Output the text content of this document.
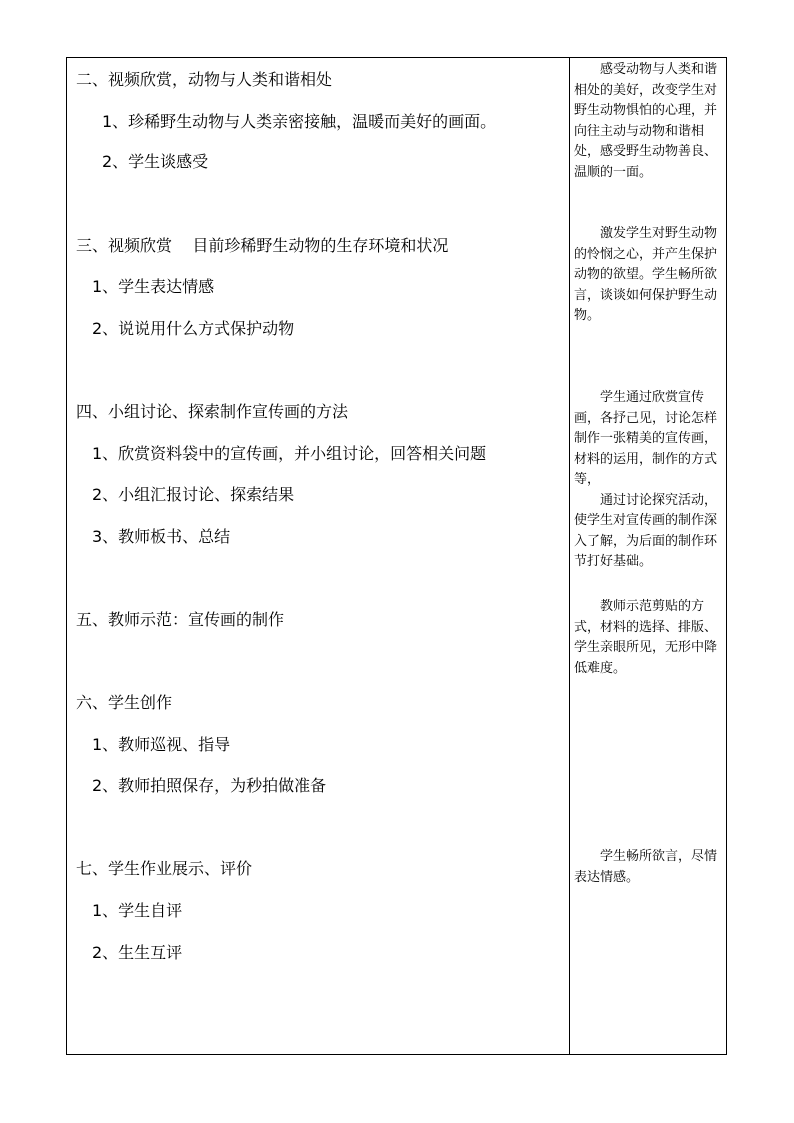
二、视频欣赏，动物与人类和谐相处
1、珍稀野生动物与人类亲密接触，温暖而美好的画面。
2、学生谈感受
三、视频欣赏    目前珍稀野生动物的生存环境和状况
1、学生表达情感
2、说说用什么方式保护动物
四、小组讨论、探索制作宣传画的方法
1、欣赏资料袋中的宣传画，并小组讨论，回答相关问题
2、小组汇报讨论、探索结果
3、教师板书、总结
五、教师示范：宣传画的制作
六、学生创作
1、教师巡视、指导
2、教师拍照保存，为秒拍做准备
七、学生作业展示、评价
1、学生自评
2、生生互评

感受动物与人类和谐相处的美好，改变学生对野生动物惧怕的心理，并向往主动与动物和谐相处，感受野生动物善良、温顺的一面。

激发学生对野生动物的怜悯之心，并产生保护动物的欲望。学生畅所欲言，谈谈如何保护野生动物。

学生通过欣赏宣传画，各抒己见，讨论怎样制作一张精美的宣传画，材料的运用，制作的方式等，

通过讨论探究活动，使学生对宣传画的制作深入了解，为后面的制作环节打好基础。

教师示范剪贴的方式，材料的选择、排版、学生亲眼所见，无形中降低难度。

学生畅所欲言，尽情表达情感。
